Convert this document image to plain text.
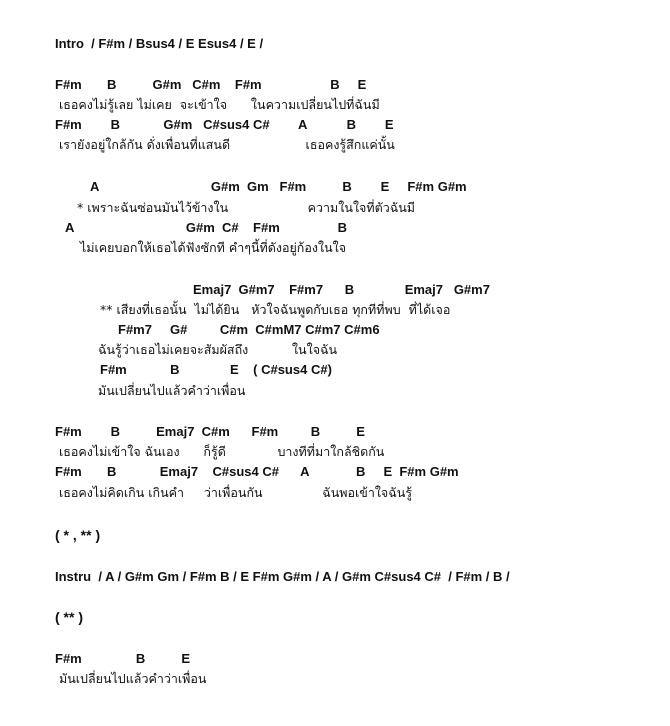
Intro  / F#m / Bsus4 / E Esus4 / E /
F#m       B          G#m   C#m    F#m                   B     E
เธอคงไม่รู้เลย ไม่เคย  จะเข้าใจ      ในความเปลี่ยนไปที่ฉันมี
F#m        B            G#m   C#sus4 C#        A           B        E
เรายังอยู่ใกล้กัน ดั่งเพื่อนที่แสนดี                   เธอคงรู้สึกแค่นั้น
A                               G#m  Gm   F#m          B        E     F#m G#m
* เพราะฉันซ่อนมันไว้ข้างใน                    ความในใจที่ตัวฉันมี
A                               G#m  C#    F#m                B
ไม่เคยบอกให้เธอได้ฟังซักที คำๆนี้ที่ดังอยู่ก้องในใจ
Emaj7  G#m7    F#m7      B              Emaj7   G#m7
** เสียงที่เธอนั้น  ไม่ได้ยิน   หัวใจฉันพูดกับเธอ ทุกทีที่พบ  ที่ได้เจอ
F#m7     G#         C#m  C#mM7 C#m7 C#m6
ฉันรู้ว่าเธอไม่เคยจะสัมผัสถึง           ในใจฉัน
F#m            B              E    ( C#sus4 C#)
มันเปลี่ยนไปแล้วคำว่าเพื่อน
F#m        B          Emaj7  C#m      F#m         B          E
เธอคงไม่เข้าใจ ฉันเอง      ก็รู้ดี             บางทีที่มาใกล้ชิดกัน
F#m       B            Emaj7    C#sus4 C#      A             B     E  F#m G#m
เธอคงไม่คิดเกิน เกินคำ     ว่าเพื่อนกัน               ฉันพอเข้าใจฉันรู้
( * , ** )
Instru  / A / G#m Gm / F#m B / E F#m G#m / A / G#m C#sus4 C#  / F#m / B /
( ** )
F#m               B          E
มันเปลี่ยนไปแล้วคำว่าเพื่อน
